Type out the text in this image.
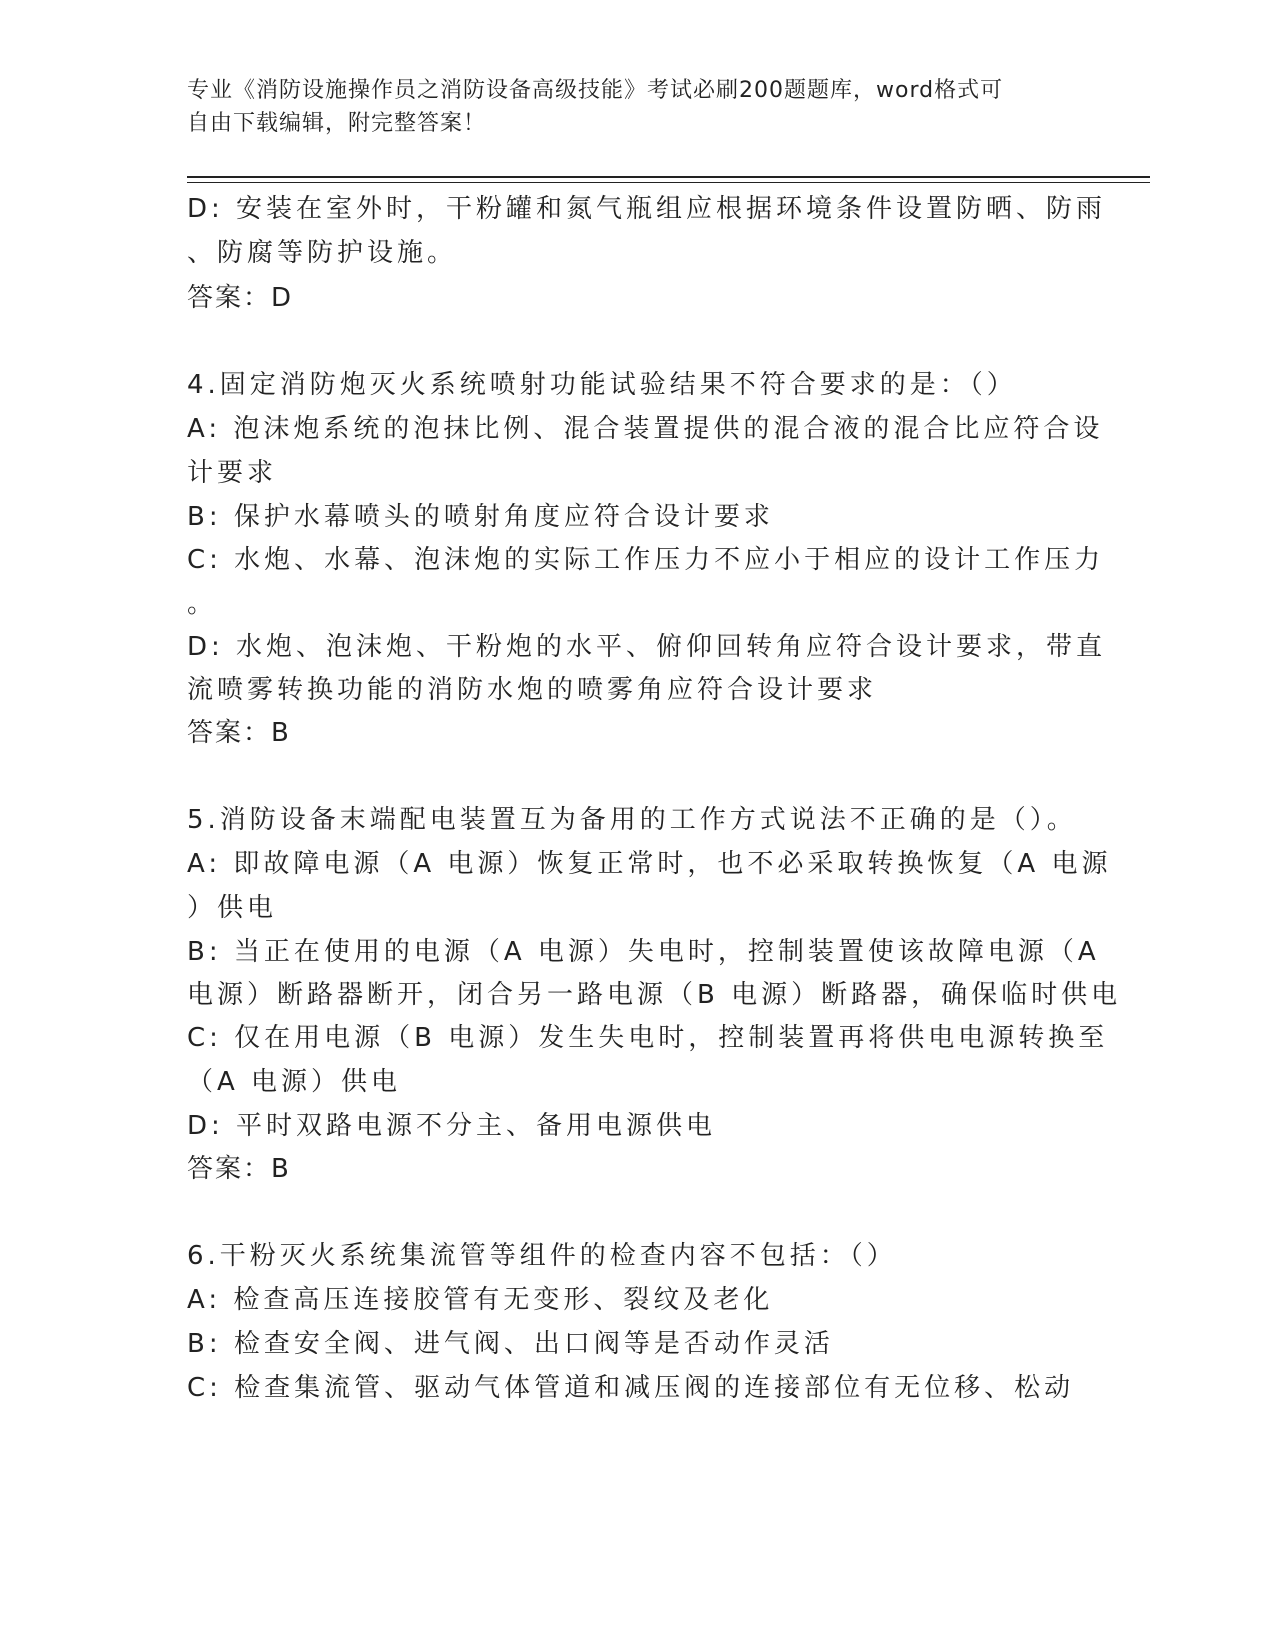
专业《消防设施操作员之消防设备高级技能》考试必刷200题题库，word格式可
自由下载编辑，附完整答案！
D: 安装在室外时，干粉罐和氮气瓶组应根据环境条件设置防晒、防雨
、防腐等防护设施。
答案：D
4.固定消防炮灭火系统喷射功能试验结果不符合要求的是：（）
A: 泡沫炮系统的泡抹比例、混合装置提供的混合液的混合比应符合设
计要求
B: 保护水幕喷头的喷射角度应符合设计要求
C: 水炮、水幕、泡沫炮的实际工作压力不应小于相应的设计工作压力
。
D: 水炮、泡沫炮、干粉炮的水平、俯仰回转角应符合设计要求，带直
流喷雾转换功能的消防水炮的喷雾角应符合设计要求
答案：B
5.消防设备末端配电装置互为备用的工作方式说法不正确的是（）。
A: 即故障电源（A 电源）恢复正常时，也不必采取转换恢复（A 电源
）供电
B: 当正在使用的电源（A 电源）失电时，控制装置使该故障电源（A
电源）断路器断开，闭合另一路电源（B 电源）断路器，确保临时供电
C: 仅在用电源（B 电源）发生失电时，控制装置再将供电电源转换至
（A 电源）供电
D: 平时双路电源不分主、备用电源供电
答案：B
6.干粉灭火系统集流管等组件的检查内容不包括：（）
A: 检查高压连接胶管有无变形、裂纹及老化
B: 检查安全阀、进气阀、出口阀等是否动作灵活
C: 检查集流管、驱动气体管道和减压阀的连接部位有无位移、松动
